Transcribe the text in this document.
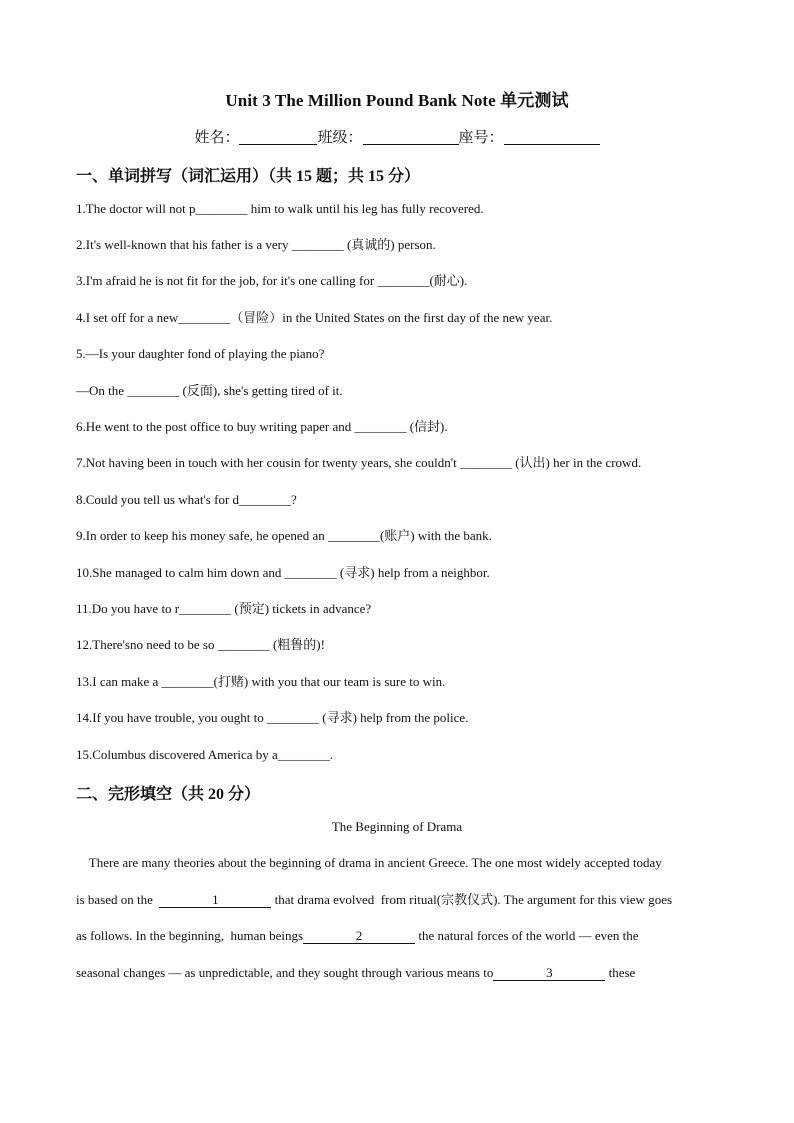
Unit 3 The Million Pound Bank Note 单元测试
姓名：	班级：	座号：
一、单词拼写（词汇运用）（共 15 题；共 15 分）
1.The doctor will not p________ him to walk until his leg has fully recovered.
2.It's well-known that his father is a very ________ (真诚的) person.
3.I'm afraid he is not fit for the job, for it's one calling for ________(耐心).
4.I set off for a new________（冒险）in the United States on the first day of the new year.
5.—Is your daughter fond of playing the piano?
—On the ________ (反面), she's getting tired of it.
6.He went to the post office to buy writing paper and ________ (信封).
7.Not having been in touch with her cousin for twenty years, she couldn't ________ (认出) her in the crowd.
8.Could you tell us what's for d________?
9.In order to keep his money safe, he opened an ________(账户) with the bank.
10.She managed to calm him down and ________ (寻求) help from a neighbor.
11.Do you have to r________ (预定) tickets in advance?
12.There'sno need to be so ________ (粗鲁的)!
13.I can make a ________(打赌) with you that our team is sure to win.
14.If you have trouble, you ought to ________ (寻求) help from the police.
15.Columbus discovered America by a________.
二、完形填空（共 20 分）
The Beginning of Drama
There are many theories about the beginning of drama in ancient Greece. The one most widely accepted today
is based on the	1	that drama evolved  from ritual(宗教仪式). The argument for this view goes
as follows. In the beginning,  human beings	2	the natural forces of the world — even the
seasonal changes — as unpredictable, and they sought through various means to	3	these
